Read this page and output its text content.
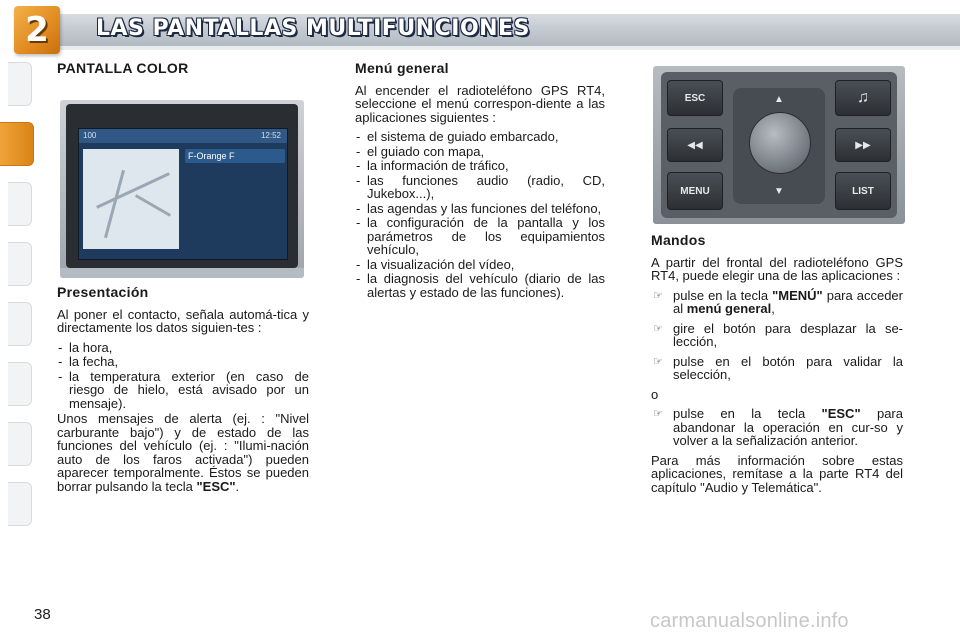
2 LAS PANTALLAS MULTIFUNCIONES
PANTALLA COLOR
100	12:52
F-Orange F

Presentación

Al poner el contacto, señala automá-tica y directamente los datos siguien-tes :

- la hora,
- la fecha,
- la temperatura exterior (en caso de riesgo de hielo, está avisado por un mensaje).

Unos mensajes de alerta (ej. : "Nivel carburante bajo") y de estado de las funciones del vehículo (ej. : "Ilumi-nación auto de los faros activada") pueden aparecer temporalmente. Éstos se pueden borrar pulsando la tecla "ESC".

Menú general

Al encender el radioteléfono GPS RT4, seleccione el menú correspon-diente a las aplicaciones siguientes :

- el sistema de guiado embarcado,
- el guiado con mapa,
- la información de tráfico,
- las funciones audio (radio, CD, Jukebox...),
- las agendas y las funciones del teléfono,
- la configuración de la pantalla y los parámetros de los equipamientos vehículo,
- la visualización del vídeo,
- la diagnosis del vehículo (diario de las alertas y estado de las funciones).
ESC
◀◀
MENU
▲
▼
♫
▶▶
LIST
Mandos

A partir del frontal del radioteléfono GPS RT4, puede elegir una de las aplicaciones :

☞ pulse en la tecla "MENÚ" para acceder al menú general,
☞ gire el botón para desplazar la se-lección,
☞ pulse en el botón para validar la selección,

o

☞ pulse en la tecla "ESC" para abandonar la operación en cur-so y volver a la señalización anterior.

Para más información sobre estas aplicaciones, remítase a la parte RT4 del capítulo "Audio y Telemática".

38	carmanualsonline.info
